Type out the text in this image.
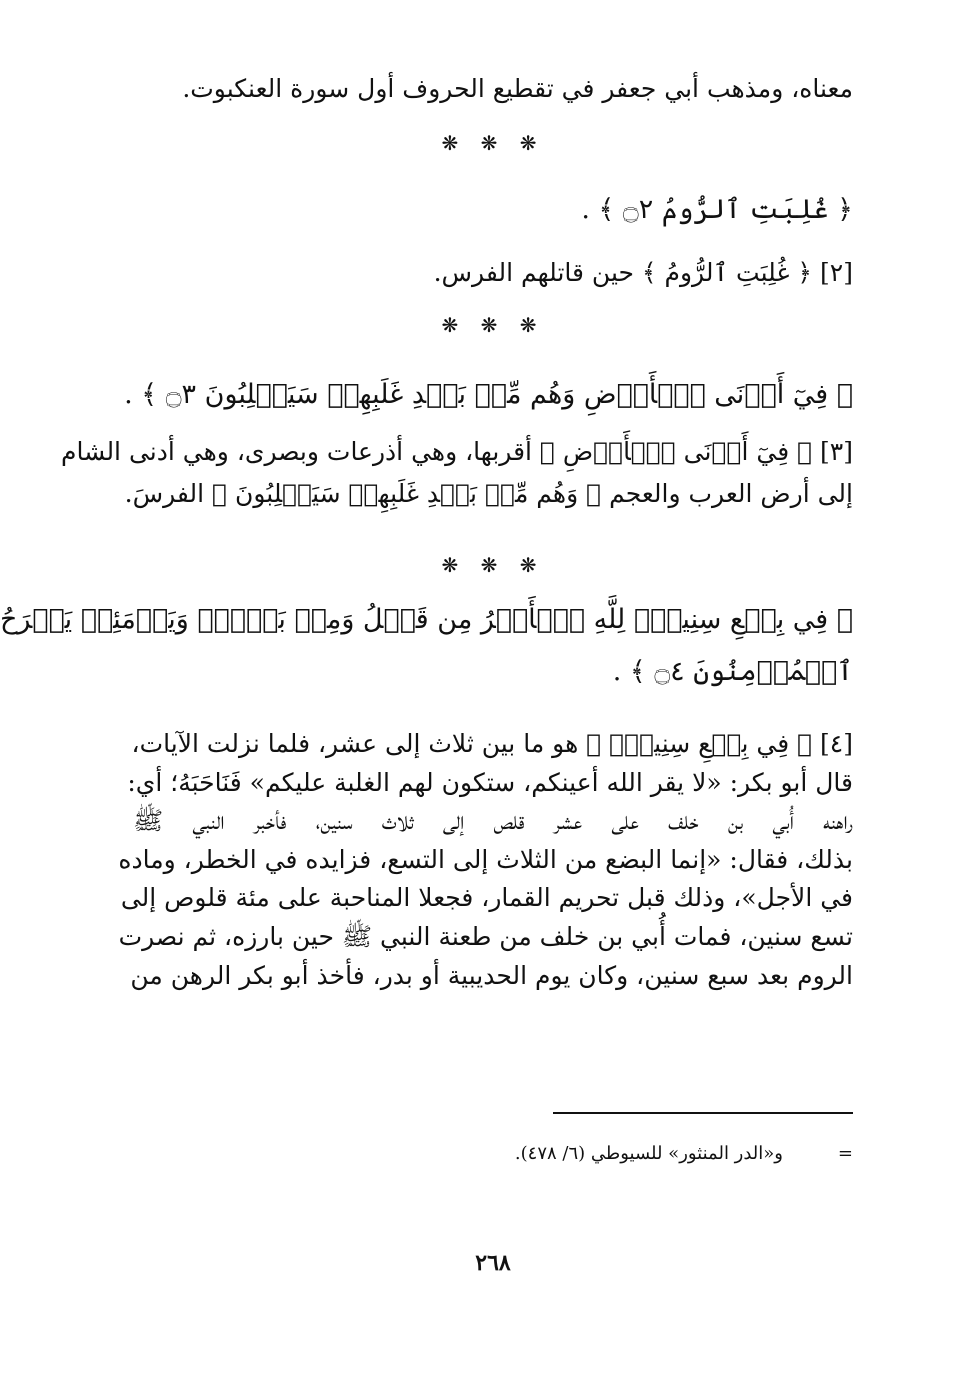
معناه، ومذهب أبي جعفر في تقطيع الحروف أول سورة العنكبوت.

❋ ❋ ❋

﴿ غُلِبَتِ ٱلرُّومُ ۝٢ ﴾ .

[٢] ﴿ غُلِبَتِ ٱلرُّومُ ﴾ حين قاتلهم الفرس.

❋ ❋ ❋

﴿ فِيٓ أَدۡنَى ٱلۡأَرۡضِ وَهُم مِّنۢ بَعۡدِ غَلَبِهِمۡ سَيَغۡلِبُونَ ۝٣ ﴾ .

[٣] ﴿ فِيٓ أَدۡنَى ٱلۡأَرۡضِ ﴾ أقربها، وهي أذرعات وبصرى، وهي أدنى الشام

إلى أرض العرب والعجم ﴿ وَهُم مِّنۢ بَعۡدِ غَلَبِهِمۡ سَيَغۡلِبُونَ ﴾ الفرسَ.

❋ ❋ ❋

﴿ فِي بِضۡعِ سِنِينَۗ لِلَّهِ ٱلۡأَمۡرُ مِن قَبۡلُ وَمِنۢ بَعۡدُۚ وَيَوۡمَئِذٖ يَفۡرَحُ

ٱلۡمُؤۡمِنُونَ ۝٤ ﴾ .

[٤] ﴿ فِي بِضۡعِ سِنِينَۗ ﴾ هو ما بين ثلاث إلى عشر، فلما نزلت الآيات،

قال أبو بكر: «لا يقر الله أعينكم، ستكون لهم الغلبة عليكم» فَنَاحَبَهُ؛ أي:

راهنه أُبي بن خلف على عشر قلص إلى ثلاث سنين، فأخبر النبي ﷺ

بذلك، فقال: «إنما البضع من الثلاث إلى التسع، فزايده في الخطر، وماده

في الأجل»، وذلك قبل تحريم القمار، فجعلا المناحبة على مئة قلوص إلى

تسع سنين، فمات أُبي بن خلف من طعنة النبي ﷺ حين بارزه، ثم نصرت

الروم بعد سبع سنين، وكان يوم الحديبية أو بدر، فأخذ أبو بكر الرهن من

و«الدر المنثور» للسيوطي (٦/ ٤٧٨).	=
٢٦٨
